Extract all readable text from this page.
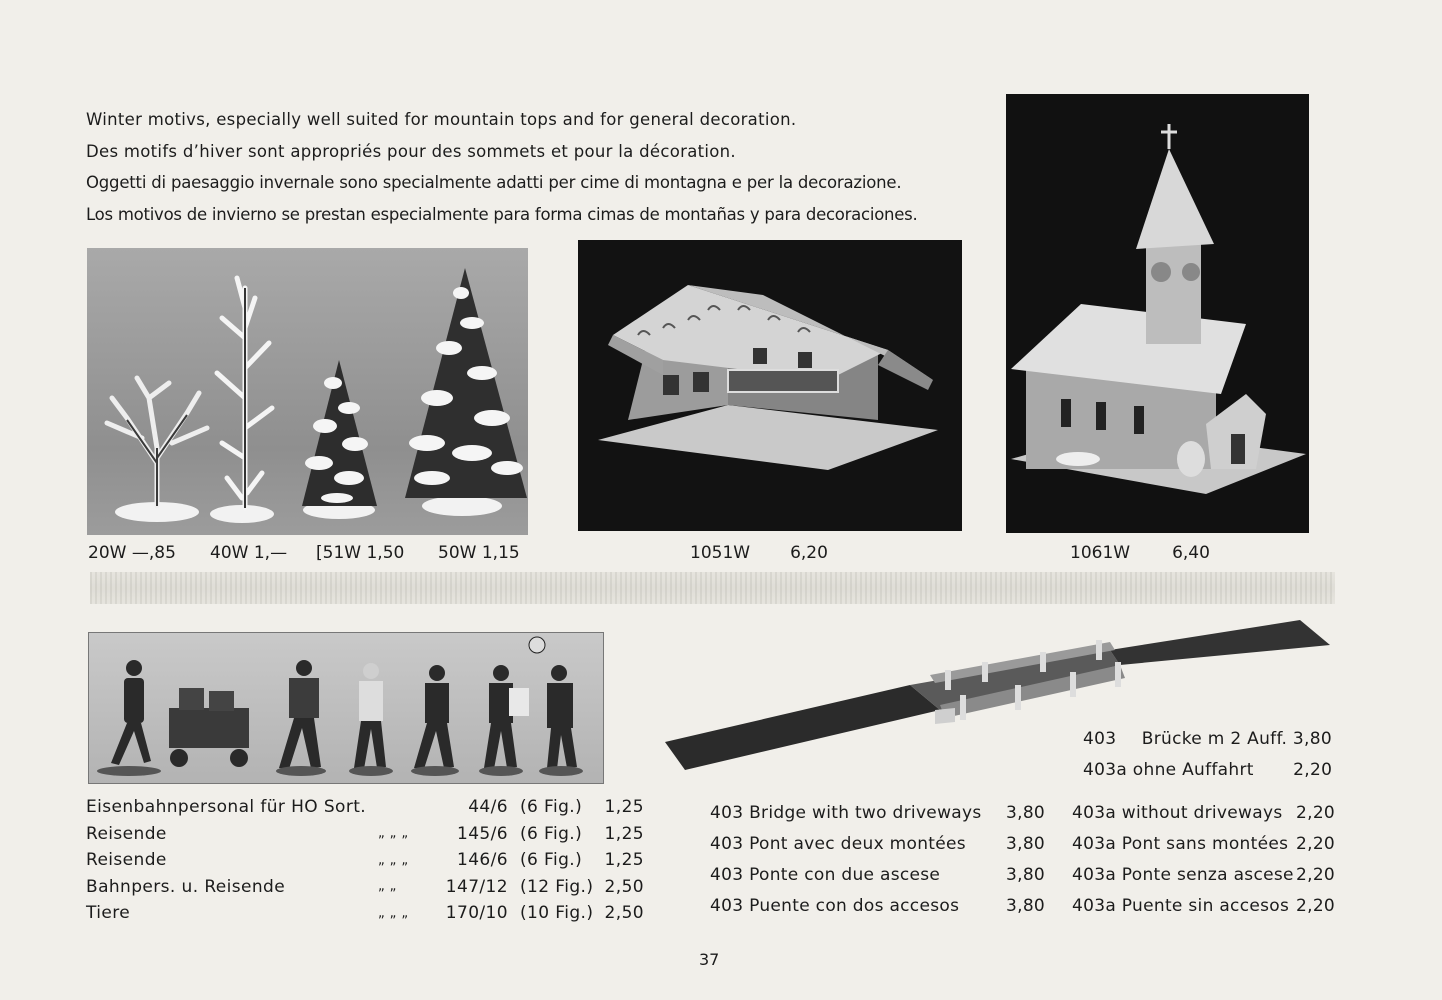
Winter motivs, especially well suited for mountain tops and for general decoration.
Des motifs d’hiver sont appropriés pour des sommets et pour la décoration.
Oggetti di paesaggio invernale sono specialmente adatti per cime di montagna e per la decorazione.
Los motivos de invierno se prestan especialmente para forma cimas de montañas y para decoraciones.
20W —,85 40W 1,— [51W 1,50 50W 1,15	1051W 6,20	1061W 6,40
Eisenbahnpersonal für HO Sort.		44/6	(6 Fig.)	1,25
Reisende	„ „ „	145/6	(6 Fig.)	1,25
Reisende	„ „ „	146/6	(6 Fig.)	1,25
Bahnpers. u. Reisende	„ „	147/12	(12 Fig.)	2,50
Tiere	„ „ „	170/10	(10 Fig.)	2,50
403 Brücke m 2 Auff. 3,80
403a ohne Auffahrt 2,20
403 Bridge with two driveways 3,80
403 Pont avec deux montées 3,80
403 Ponte con due ascese	3,80
403 Puente con dos accesos	3,80
403a without driveways 2,20
403a Pont sans montées 2,20
403a Ponte senza ascese 2,20
403a Puente sin accesos 2,20
37
